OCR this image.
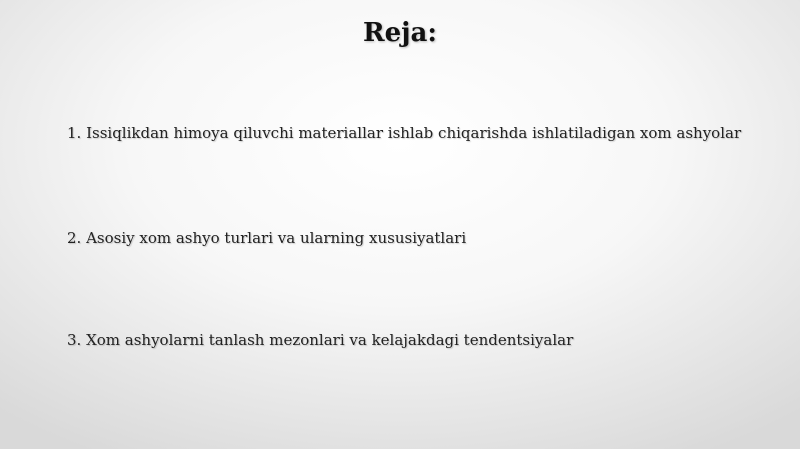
Reja:
1. Issiqlikdan himoya qiluvchi materiallar ishlab chiqarishda ishlatiladigan xom ashyolar
2. Asosiy xom ashyo turlari va ularning xususiyatlari
3. Xom ashyolarni tanlash mezonlari va kelajakdagi tendentsiyalar
